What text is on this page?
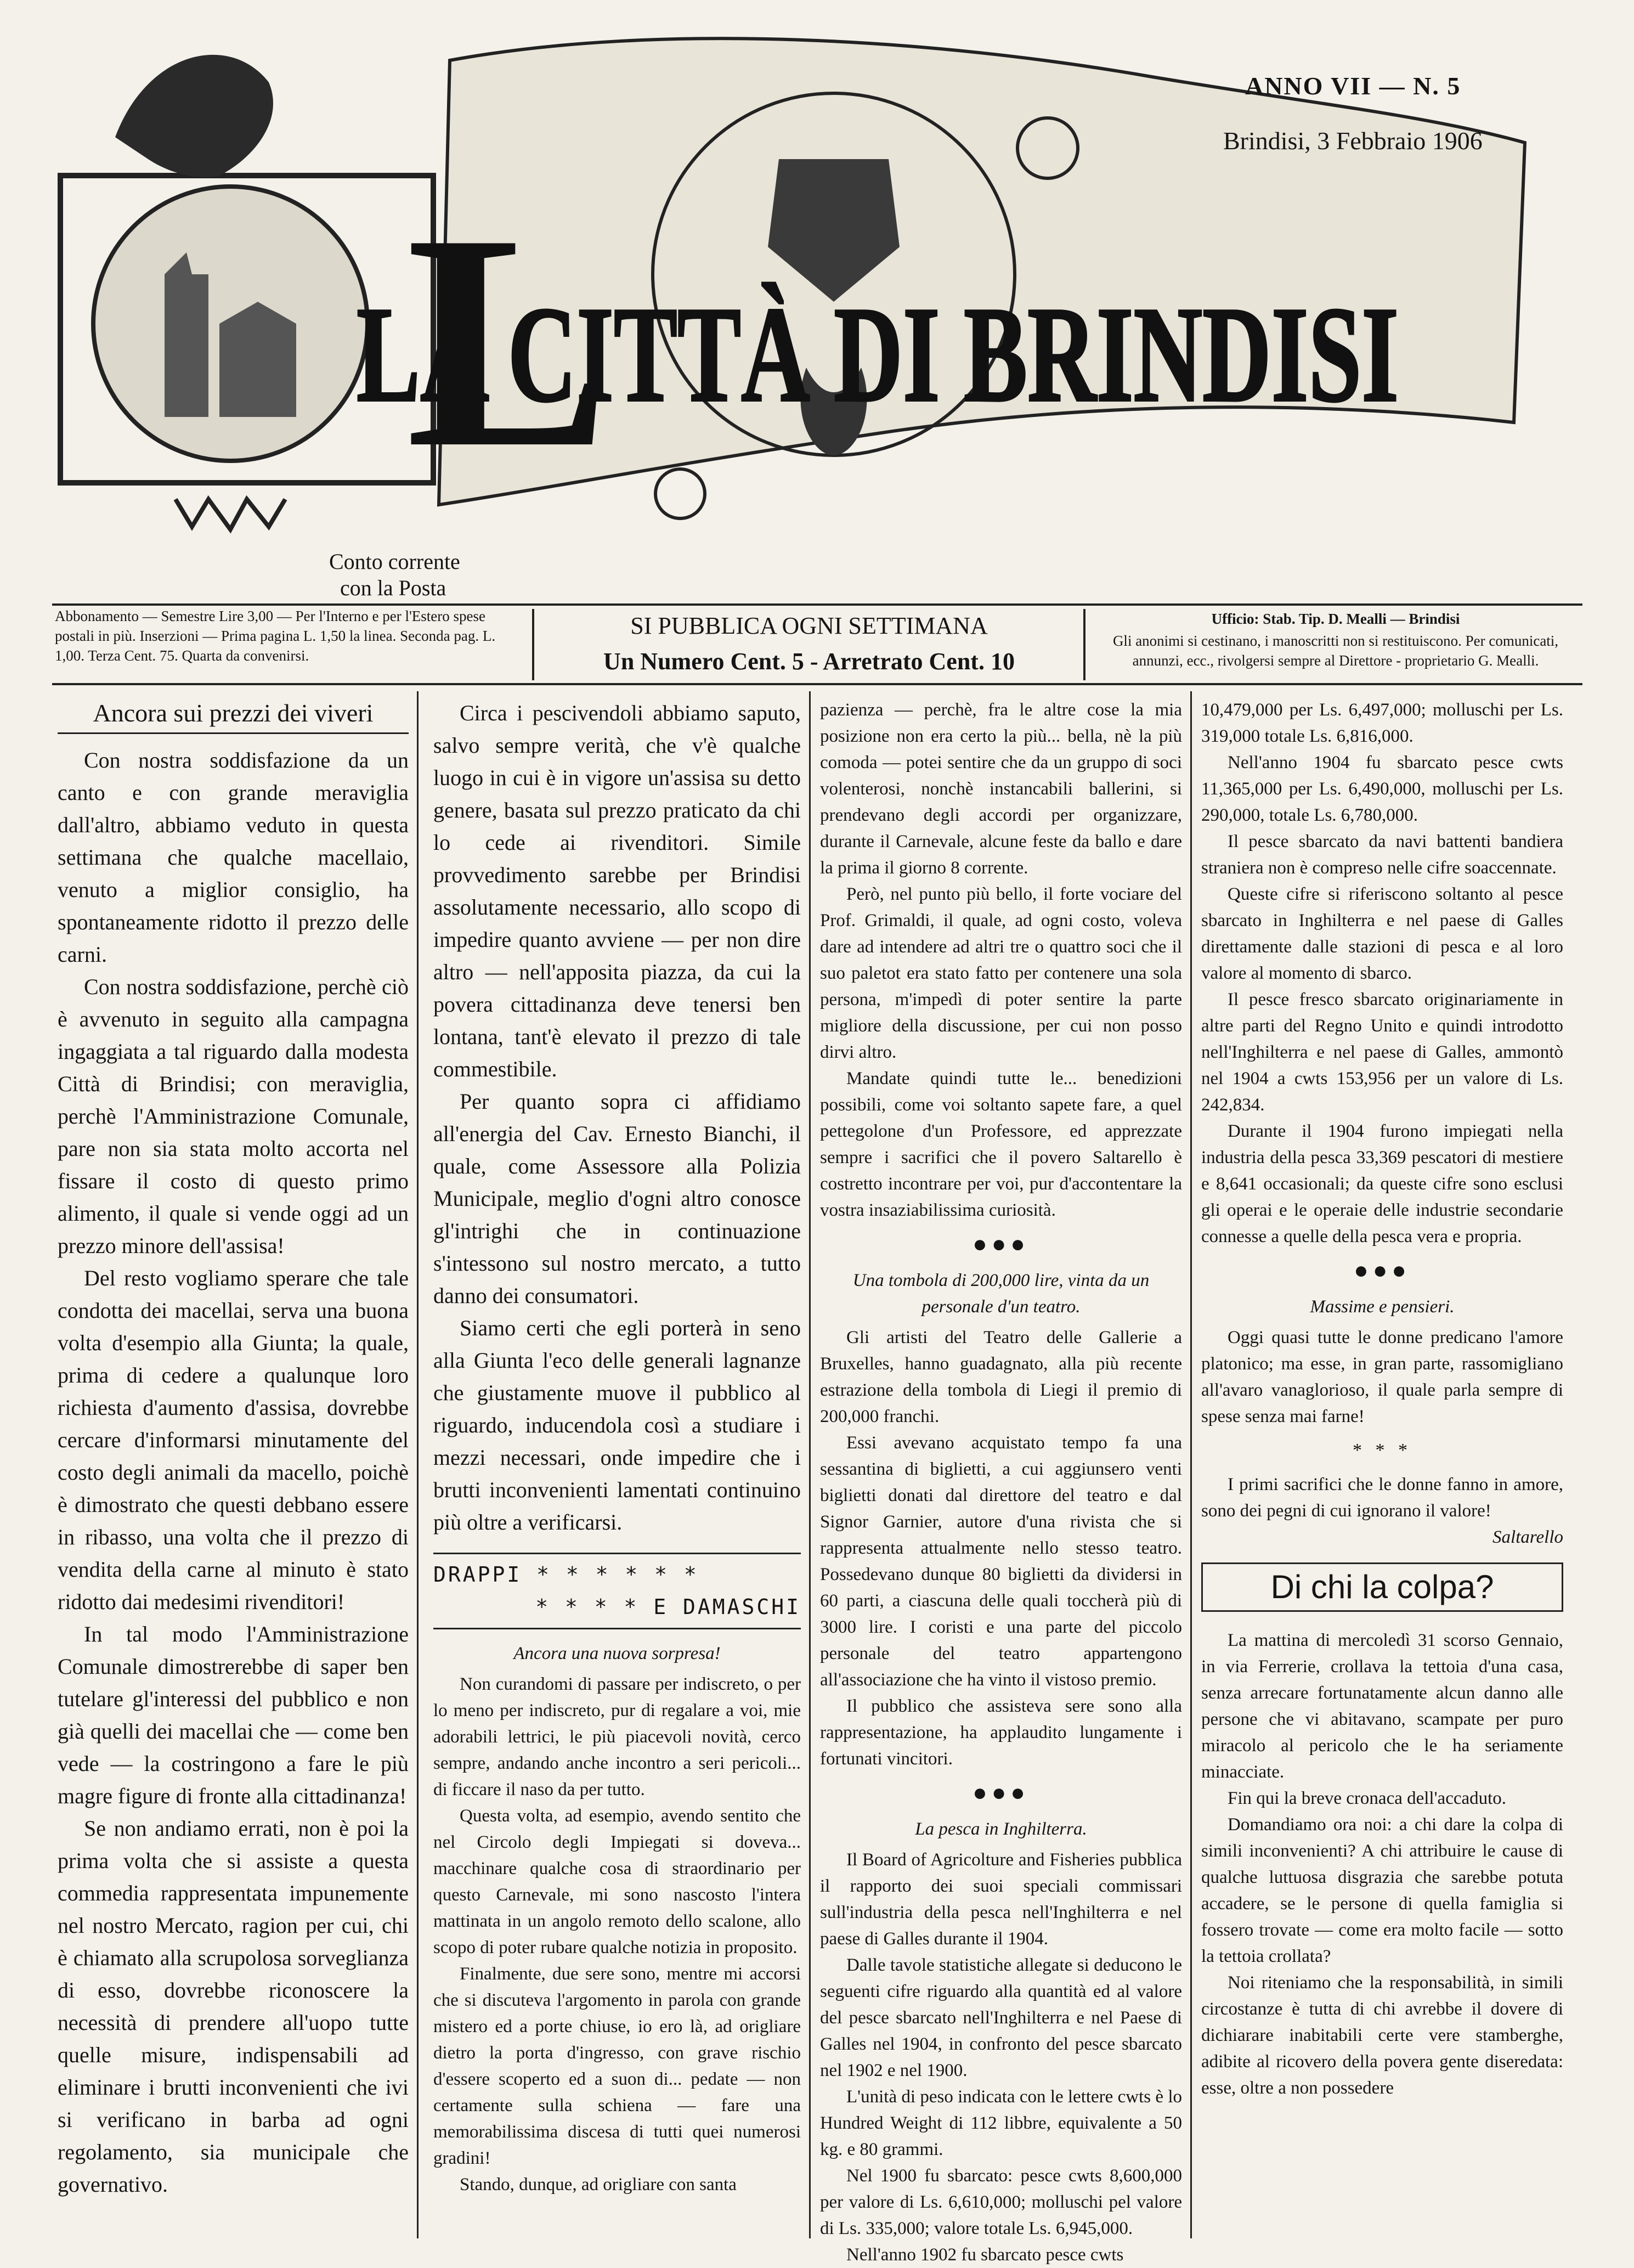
L
LA CITTÀ DI BRINDISI
ANNO VII — N. 5
Brindisi, 3 Febbraio 1906
Conto corrente
con la Posta
Abbonamento — Semestre Lire 3,00 — Per l'Interno e per l'Estero spese postali in più. Inserzioni — Prima pagina L. 1,50 la linea. Seconda pag. L. 1,00. Terza Cent. 75. Quarta da convenirsi.
SI PUBBLICA OGNI SETTIMANA
Un Numero Cent. 5 - Arretrato Cent. 10
Ufficio: Stab. Tip. D. Mealli — Brindisi
Gli anonimi si cestinano, i manoscritti non si restituiscono. Per comunicati, annunzi, ecc., rivolgersi sempre al Direttore - proprietario G. Mealli.
Ancora sui prezzi dei viveri

Con nostra soddisfazione da un canto e con grande meraviglia dall'altro, abbiamo veduto in questa settimana che qualche macellaio, venuto a miglior consiglio, ha spontaneamente ridotto il prezzo delle carni.

Con nostra soddisfazione, perchè ciò è avvenuto in seguito alla campagna ingaggiata a tal riguardo dalla modesta Città di Brindisi; con meraviglia, perchè l'Amministrazione Comunale, pare non sia stata molto accorta nel fissare il costo di questo primo alimento, il quale si vende oggi ad un prezzo minore dell'assisa!

Del resto vogliamo sperare che tale condotta dei macellai, serva una buona volta d'esempio alla Giunta; la quale, prima di cedere a qualunque loro richiesta d'aumento d'assisa, dovrebbe cercare d'informarsi minutamente del costo degli animali da macello, poichè è dimostrato che questi debbano essere in ribasso, una volta che il prezzo di vendita della carne al minuto è stato ridotto dai medesimi rivenditori!

In tal modo l'Amministrazione Comunale dimostrerebbe di saper ben tutelare gl'interessi del pubblico e non già quelli dei macellai che — come ben vede — la costringono a fare le più magre figure di fronte alla cittadinanza!

Se non andiamo errati, non è poi la prima volta che si assiste a questa commedia rappresentata impunemente nel nostro Mercato, ragion per cui, chi è chiamato alla scrupolosa sorveglianza di esso, dovrebbe riconoscere la necessità di prendere all'uopo tutte quelle misure, indispensabili ad eliminare i brutti inconvenienti che ivi si verificano in barba ad ogni regolamento, sia municipale che governativo.

Circa i pescivendoli abbiamo saputo, salvo sempre verità, che v'è qualche luogo in cui è in vigore un'assisa su detto genere, basata sul prezzo praticato da chi lo cede ai rivenditori. Simile provvedimento sarebbe per Brindisi assolutamente necessario, allo scopo di impedire quanto avviene — per non dire altro — nell'apposita piazza, da cui la povera cittadinanza deve tenersi ben lontana, tant'è elevato il prezzo di tale commestibile.

Per quanto sopra ci affidiamo all'energia del Cav. Ernesto Bianchi, il quale, come Assessore alla Polizia Municipale, meglio d'ogni altro conosce gl'intrighi che in continuazione s'intessono sul nostro mercato, a tutto danno dei consumatori.

Siamo certi che egli porterà in seno alla Giunta l'eco delle generali lagnanze che giustamente muove il pubblico al riguardo, inducendola così a studiare i mezzi necessari, onde impedire che i brutti inconvenienti lamentati continuino più oltre a verificarsi.

DRAPPI * * * * * *
* * * * E DAMASCHI
Ancora una nuova sorpresa!

Non curandomi di passare per indiscreto, o per lo meno per indiscreto, pur di regalare a voi, mie adorabili lettrici, le più piacevoli novità, cerco sempre, andando anche incontro a seri pericoli... di ficcare il naso da per tutto.

Questa volta, ad esempio, avendo sentito che nel Circolo degli Impiegati si doveva... macchinare qualche cosa di straordinario per questo Carnevale, mi sono nascosto l'intera mattinata in un angolo remoto dello scalone, allo scopo di poter rubare qualche notizia in proposito.

Finalmente, due sere sono, mentre mi accorsi che si discuteva l'argomento in parola con grande mistero ed a porte chiuse, io ero là, ad origliare dietro la porta d'ingresso, con grave rischio d'essere scoperto ed a suon di... pedate — non certamente sulla schiena — fare una memorabilissima discesa di tutti quei numerosi gradini!

Stando, dunque, ad origliare con santa

pazienza — perchè, fra le altre cose la mia posizione non era certo la più... bella, nè la più comoda — potei sentire che da un gruppo di soci volenterosi, nonchè instancabili ballerini, si prendevano degli accordi per organizzare, durante il Carnevale, alcune feste da ballo e dare la prima il giorno 8 corrente.

Però, nel punto più bello, il forte vociare del Prof. Grimaldi, il quale, ad ogni costo, voleva dare ad intendere ad altri tre o quattro soci che il suo paletot era stato fatto per contenere una sola persona, m'impedì di poter sentire la parte migliore della discussione, per cui non posso dirvi altro.

Mandate quindi tutte le... benedizioni possibili, come voi soltanto sapete fare, a quel pettegolone d'un Professore, ed apprezzate sempre i sacrifici che il povero Saltarello è costretto incontrare per voi, pur d'accontentare la vostra insaziabilissima curiosità.

●●●
Una tombola di 200,000 lire, vinta da un personale d'un teatro.

Gli artisti del Teatro delle Gallerie a Bruxelles, hanno guadagnato, alla più recente estrazione della tombola di Liegi il premio di 200,000 franchi.

Essi avevano acquistato tempo fa una sessantina di biglietti, a cui aggiunsero venti biglietti donati dal direttore del teatro e dal Signor Garnier, autore d'una rivista che si rappresenta attualmente nello stesso teatro. Possedevano dunque 80 biglietti da dividersi in 60 parti, a ciascuna delle quali toccherà più di 3000 lire. I coristi e una parte del piccolo personale del teatro appartengono all'associazione che ha vinto il vistoso premio.

Il pubblico che assisteva sere sono alla rappresentazione, ha applaudito lungamente i fortunati vincitori.

●●●
La pesca in Inghilterra.

Il Board of Agricolture and Fisheries pubblica il rapporto dei suoi speciali commissari sull'industria della pesca nell'Inghilterra e nel paese di Galles durante il 1904.

Dalle tavole statistiche allegate si deducono le seguenti cifre riguardo alla quantità ed al valore del pesce sbarcato nell'Inghilterra e nel Paese di Galles nel 1904, in confronto del pesce sbarcato nel 1902 e nel 1900.

L'unità di peso indicata con le lettere cwts è lo Hundred Weight di 112 libbre, equivalente a 50 kg. e 80 grammi.

Nel 1900 fu sbarcato: pesce cwts 8,600,000 per valore di Ls. 6,610,000; molluschi pel valore di Ls. 335,000; valore totale Ls. 6,945,000.

Nell'anno 1902 fu sbarcato pesce cwts

10,479,000 per Ls. 6,497,000; molluschi per Ls. 319,000 totale Ls. 6,816,000.

Nell'anno 1904 fu sbarcato pesce cwts 11,365,000 per Ls. 6,490,000, molluschi per Ls. 290,000, totale Ls. 6,780,000.

Il pesce sbarcato da navi battenti bandiera straniera non è compreso nelle cifre soaccennate.

Queste cifre si riferiscono soltanto al pesce sbarcato in Inghilterra e nel paese di Galles direttamente dalle stazioni di pesca e al loro valore al momento di sbarco.

Il pesce fresco sbarcato originariamente in altre parti del Regno Unito e quindi introdotto nell'Inghilterra e nel paese di Galles, ammontò nel 1904 a cwts 153,956 per un valore di Ls. 242,834.

Durante il 1904 furono impiegati nella industria della pesca 33,369 pescatori di mestiere e 8,641 occasionali; da queste cifre sono esclusi gli operai e le operaie delle industrie secondarie connesse a quelle della pesca vera e propria.

●●●
Massime e pensieri.

Oggi quasi tutte le donne predicano l'amore platonico; ma esse, in gran parte, rassomigliano all'avaro vanaglorioso, il quale parla sempre di spese senza mai farne!

* * *

I primi sacrifici che le donne fanno in amore, sono dei pegni di cui ignorano il valore!

Saltarello
Di chi la colpa?

La mattina di mercoledì 31 scorso Gennaio, in via Ferrerie, crollava la tettoia d'una casa, senza arrecare fortunatamente alcun danno alle persone che vi abitavano, scampate per puro miracolo al pericolo che le ha seriamente minacciate.

Fin qui la breve cronaca dell'accaduto.

Domandiamo ora noi: a chi dare la colpa di simili inconvenienti? A chi attribuire le cause di qualche luttuosa disgrazia che sarebbe potuta accadere, se le persone di quella famiglia si fossero trovate — come era molto facile — sotto la tettoia crollata?

Noi riteniamo che la responsabilità, in simili circostanze è tutta di chi avrebbe il dovere di dichiarare inabitabili certe vere stamberghe, adibite al ricovero della povera gente diseredata: esse, oltre a non possedere
